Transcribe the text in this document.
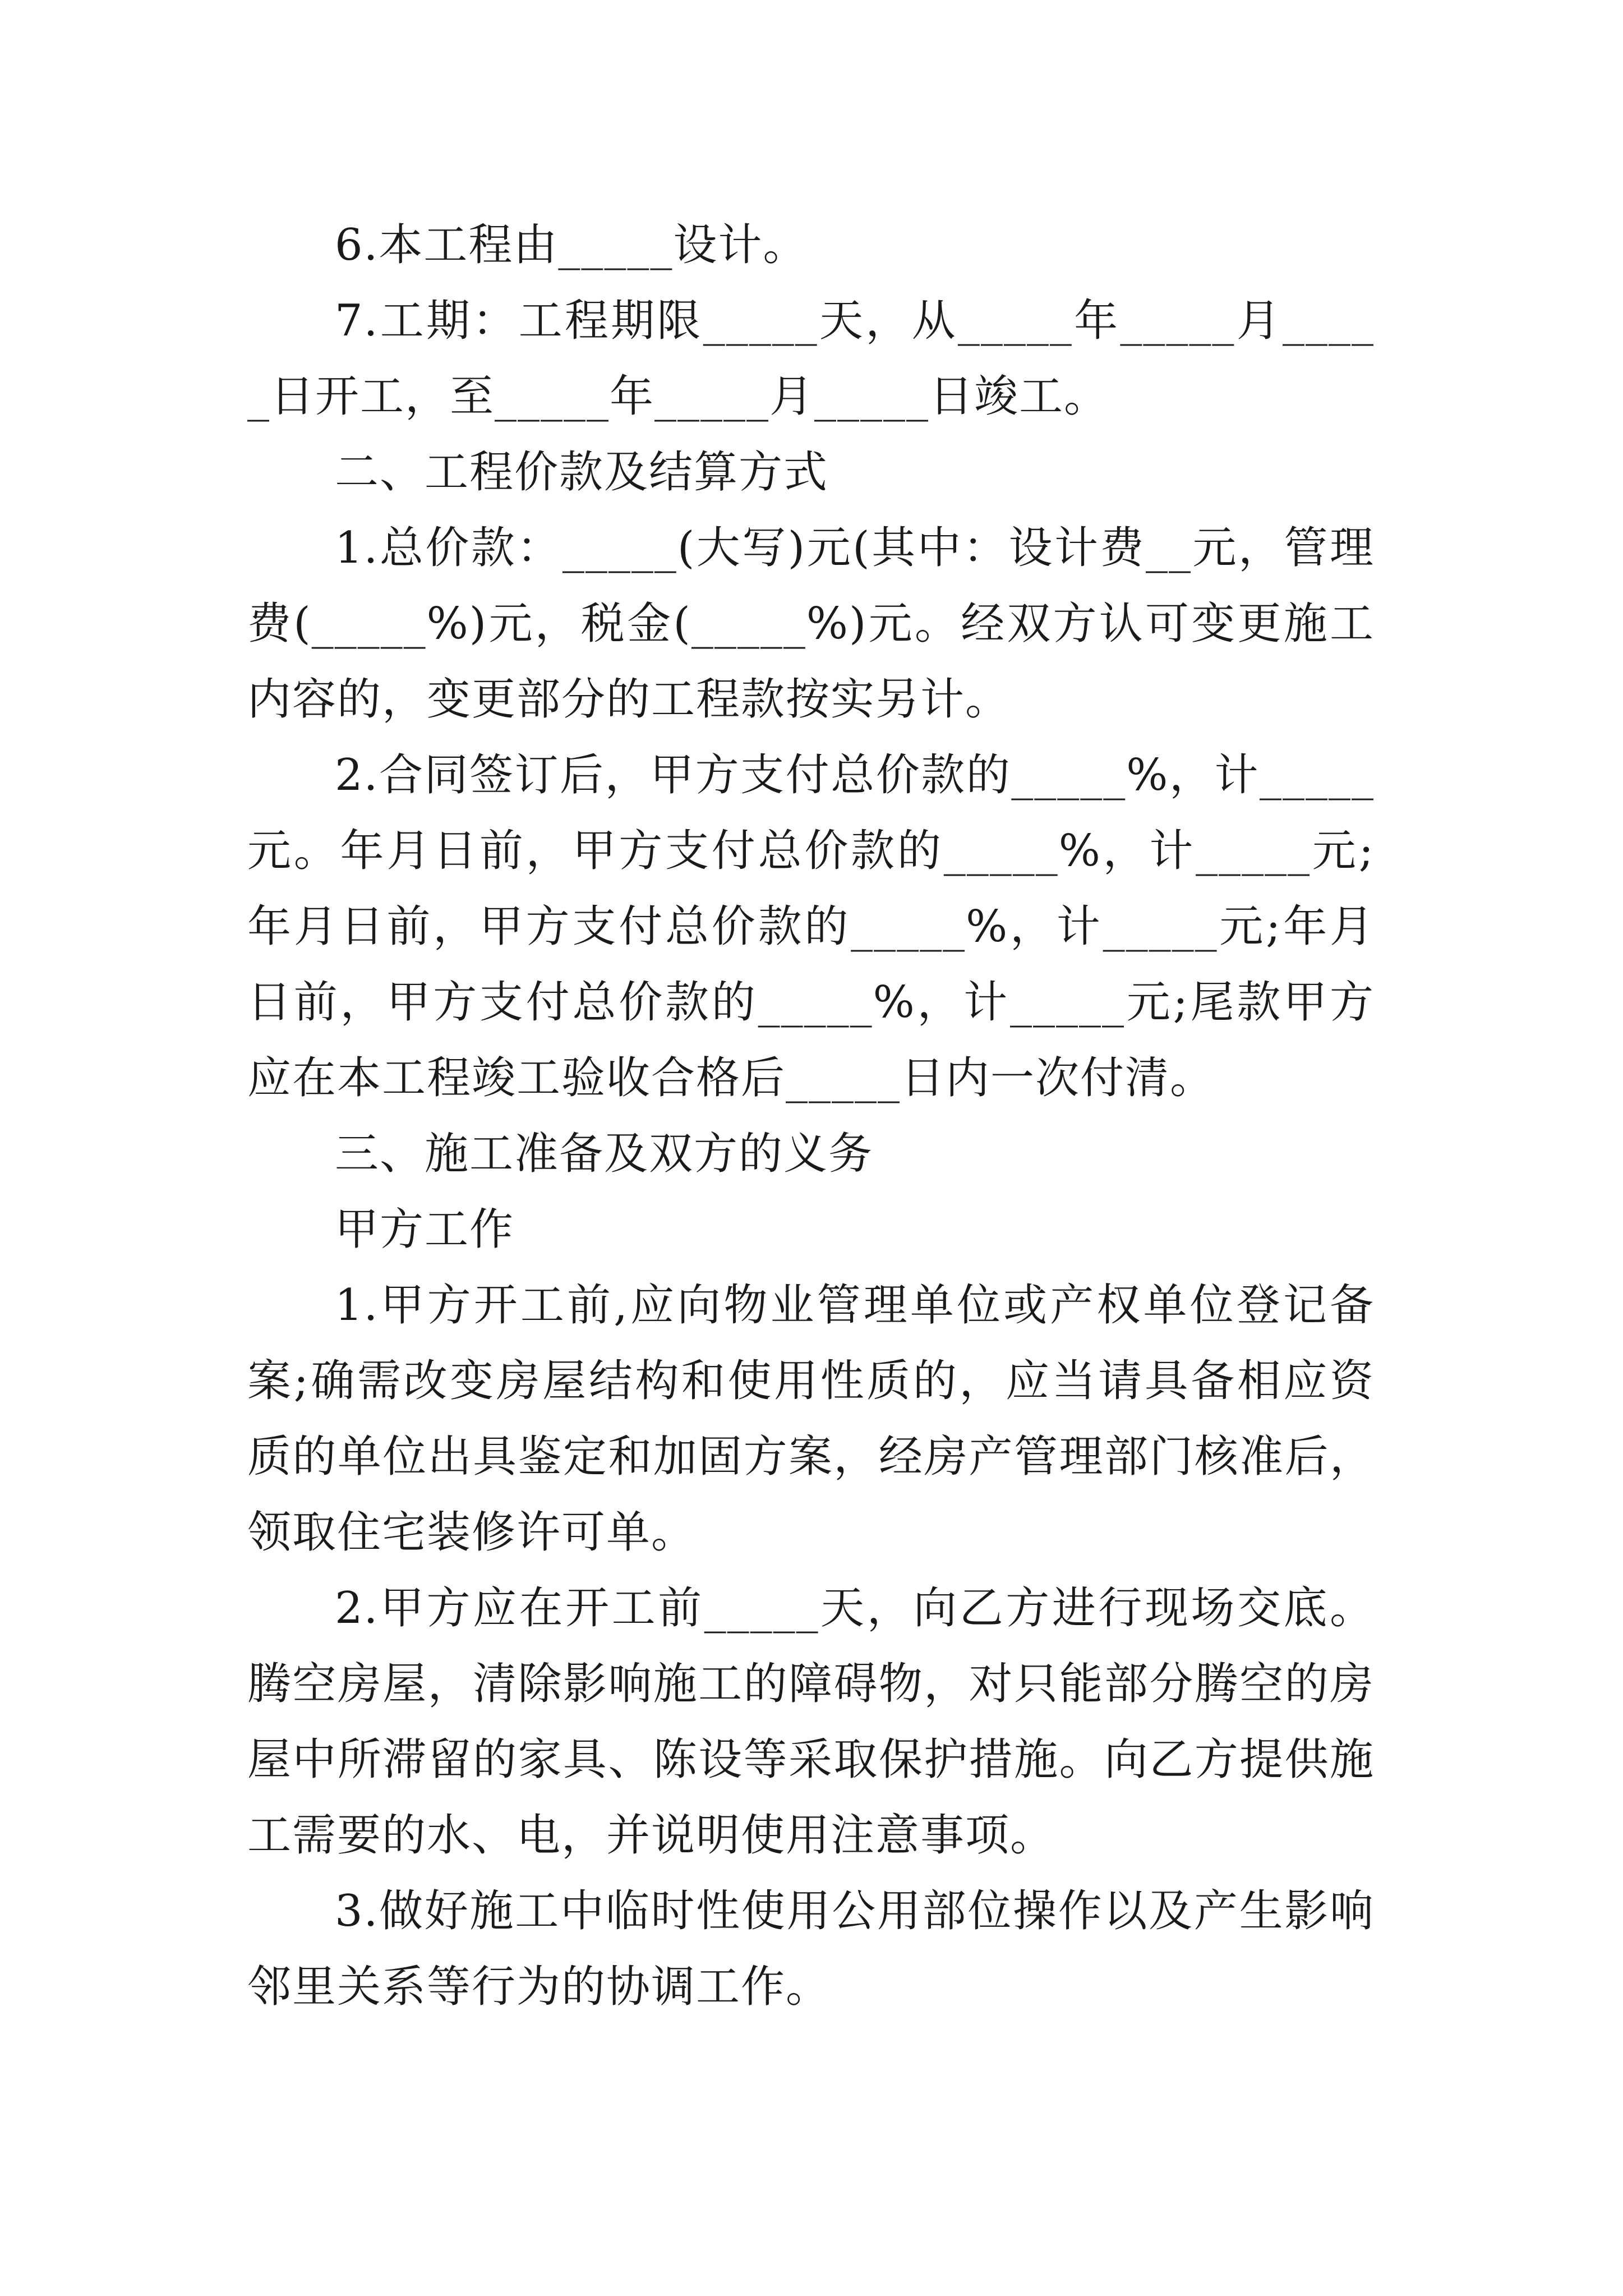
6.本工程由_____设计。

7.工期：工程期限_____天，从_____年_____月_____日开工，至_____年_____月_____日竣工。

二、工程价款及结算方式

1.总价款：_____(大写)元(其中：设计费__元，管理费(_____%)元，税金(_____%)元。经双方认可变更施工内容的，变更部分的工程款按实另计。

2.合同签订后，甲方支付总价款的_____%，计_____元。年月日前，甲方支付总价款的_____%，计_____元;年月日前，甲方支付总价款的_____%，计_____元;年月日前，甲方支付总价款的_____%，计_____元;尾款甲方应在本工程竣工验收合格后_____日内一次付清。

三、施工准备及双方的义务

甲方工作

1.甲方开工前,应向物业管理单位或产权单位登记备案;确需改变房屋结构和使用性质的，应当请具备相应资质的单位出具鉴定和加固方案，经房产管理部门核准后，领取住宅装修许可单。

2.甲方应在开工前_____天，向乙方进行现场交底。腾空房屋，清除影响施工的障碍物，对只能部分腾空的房屋中所滞留的家具、陈设等采取保护措施。向乙方提供施工需要的水、电，并说明使用注意事项。

3.做好施工中临时性使用公用部位操作以及产生影响邻里关系等行为的协调工作。
